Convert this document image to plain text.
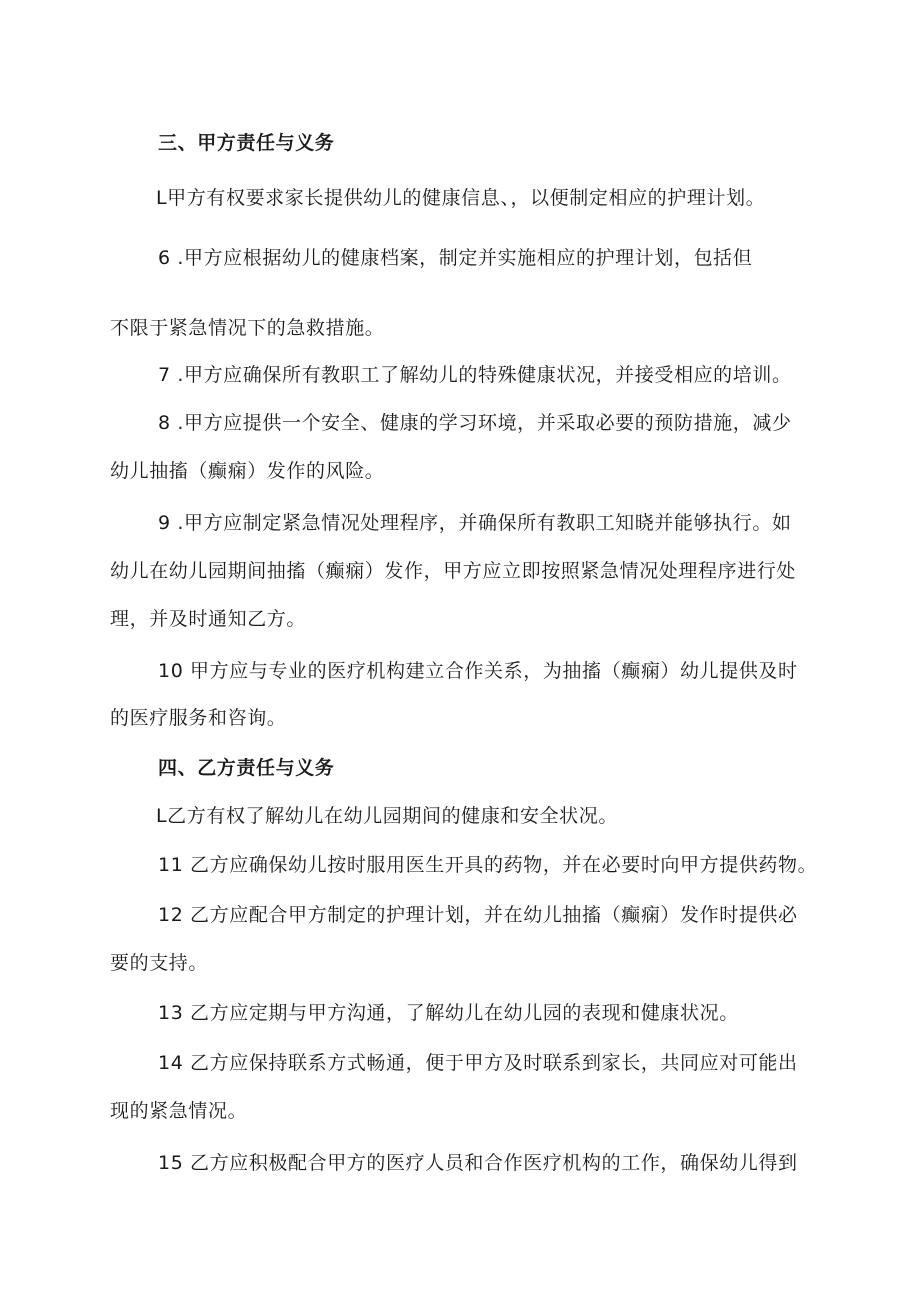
三、甲方责任与义务

L甲方有权要求家长提供幼儿的健康信息、，以便制定相应的护理计划。

6 .甲方应根据幼儿的健康档案，制定并实施相应的护理计划，包括但

不限于紧急情况下的急救措施。

7 .甲方应确保所有教职工了解幼儿的特殊健康状况，并接受相应的培训。

8 .甲方应提供一个安全、健康的学习环境，并采取必要的预防措施，减少

幼儿抽搐（癫痫）发作的风险。

9 .甲方应制定紧急情况处理程序，并确保所有教职工知晓并能够执行。如

幼儿在幼儿园期间抽搐（癫痫）发作，甲方应立即按照紧急情况处理程序进行处

理，并及时通知乙方。

10 甲方应与专业的医疗机构建立合作关系，为抽搐（癫痫）幼儿提供及时

的医疗服务和咨询。

四、乙方责任与义务

L乙方有权了解幼儿在幼儿园期间的健康和安全状况。

11 乙方应确保幼儿按时服用医生开具的药物，并在必要时向甲方提供药物。

12 乙方应配合甲方制定的护理计划，并在幼儿抽搐（癫痫）发作时提供必

要的支持。

13 乙方应定期与甲方沟通，了解幼儿在幼儿园的表现和健康状况。

14 乙方应保持联系方式畅通，便于甲方及时联系到家长，共同应对可能出

现的紧急情况。

15 乙方应积极配合甲方的医疗人员和合作医疗机构的工作，确保幼儿得到
